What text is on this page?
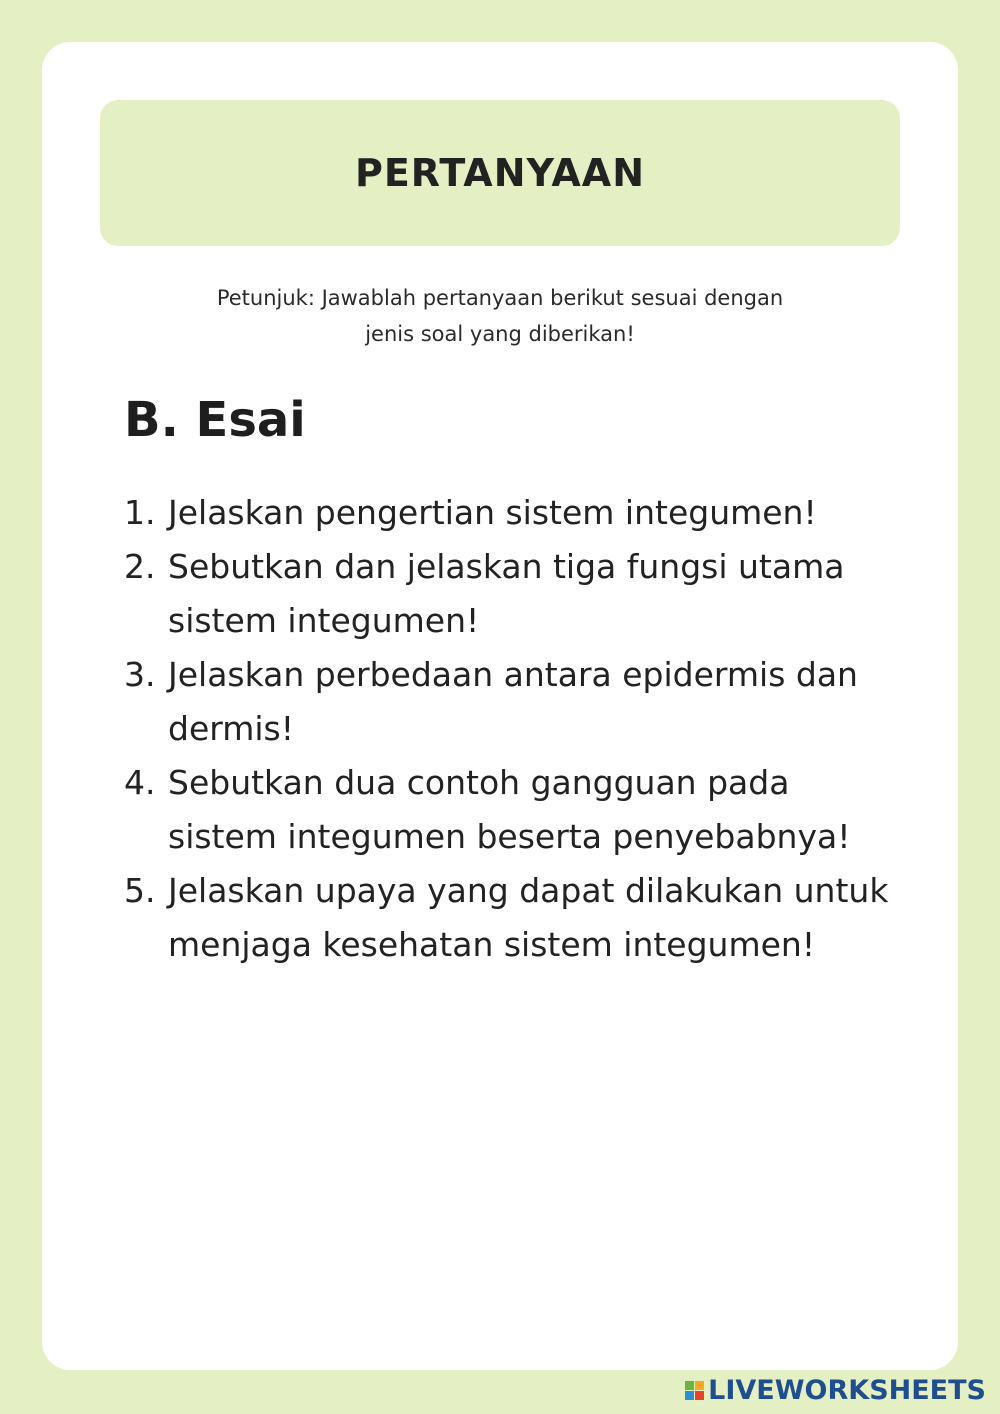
PERTANYAAN
Petunjuk: Jawablah pertanyaan berikut sesuai dengan
jenis soal yang diberikan!
B. Esai
1. Jelaskan pengertian sistem integumen!
2. Sebutkan dan jelaskan tiga fungsi utama sistem integumen!
3. Jelaskan perbedaan antara epidermis dan dermis!
4. Sebutkan dua contoh gangguan pada sistem integumen beserta penyebabnya!
5. Jelaskan upaya yang dapat dilakukan untuk menjaga kesehatan sistem integumen!
LIVEWORKSHEETS
